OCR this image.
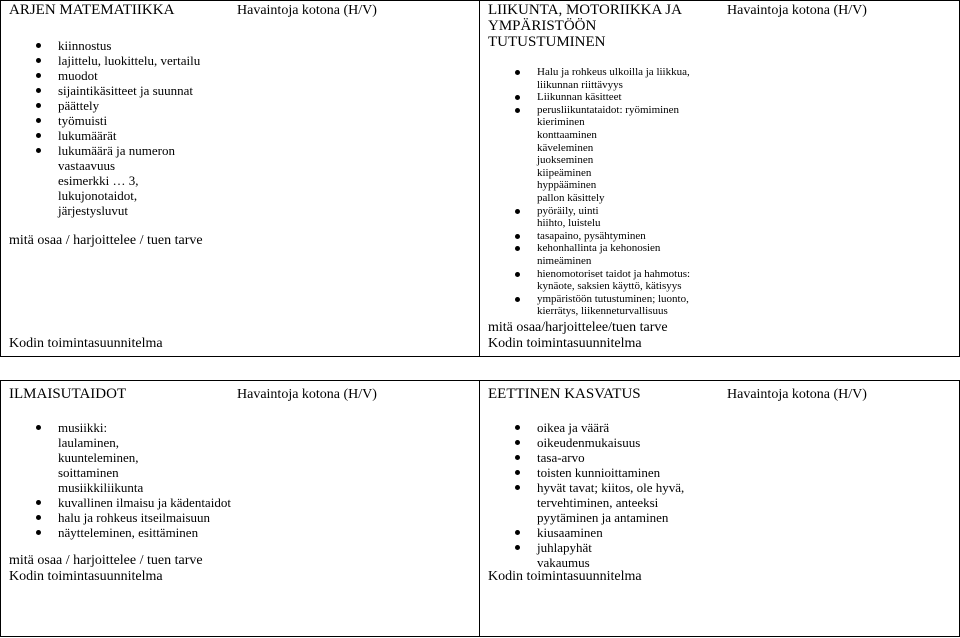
ARJEN MATEMATIIKKA	Havaintoja kotona (H/V)
kiinnostus
lajittelu, luokittelu, vertailu
muodot
sijaintikäsitteet ja suunnat
päättely
työmuisti
lukumäärät
lukumäärä ja numeron
vastaavuus
esimerkki … 3,
lukujonotaidot,
järjestysluvut
mitä osaa / harjoittelee / tuen tarve
Kodin toimintasuunnitelma
LIIKUNTA, MOTORIIKKA JA
YMPÄRISTÖÖN
TUTUSTUMINEN
Havaintoja kotona (H/V)
Halu ja rohkeus ulkoilla ja liikkua,
liikunnan riittävyys
Liikunnan käsitteet
perusliikuntataidot: ryömiminen
kieriminen
konttaaminen
käveleminen
juokseminen
kiipeäminen
hyppääminen
pallon käsittely
pyöräily, uinti
hiihto, luistelu
tasapaino, pysähtyminen
kehonhallinta ja kehonosien
nimeäminen
hienomotoriset taidot ja hahmotus:
kynäote, saksien käyttö, kätisyys
ympäristöön tutustuminen; luonto,
kierrätys, liikenneturvallisuus
mitä osaa/harjoittelee/tuen tarve
Kodin toimintasuunnitelma
ILMAISUTAIDOT	Havaintoja kotona (H/V)
musiikki:
laulaminen,
kuunteleminen,
soittaminen
musiikkiliikunta
kuvallinen ilmaisu ja kädentaidot
halu ja rohkeus itseilmaisuun
näytteleminen, esittäminen
mitä osaa / harjoittelee / tuen tarve
Kodin toimintasuunnitelma
EETTINEN KASVATUS	Havaintoja kotona (H/V)
oikea ja väärä
oikeudenmukaisuus
tasa-arvo
toisten kunnioittaminen
hyvät tavat; kiitos, ole hyvä,
tervehtiminen, anteeksi
pyytäminen ja antaminen
kiusaaminen
juhlapyhät
vakaumus
Kodin toimintasuunnitelma
